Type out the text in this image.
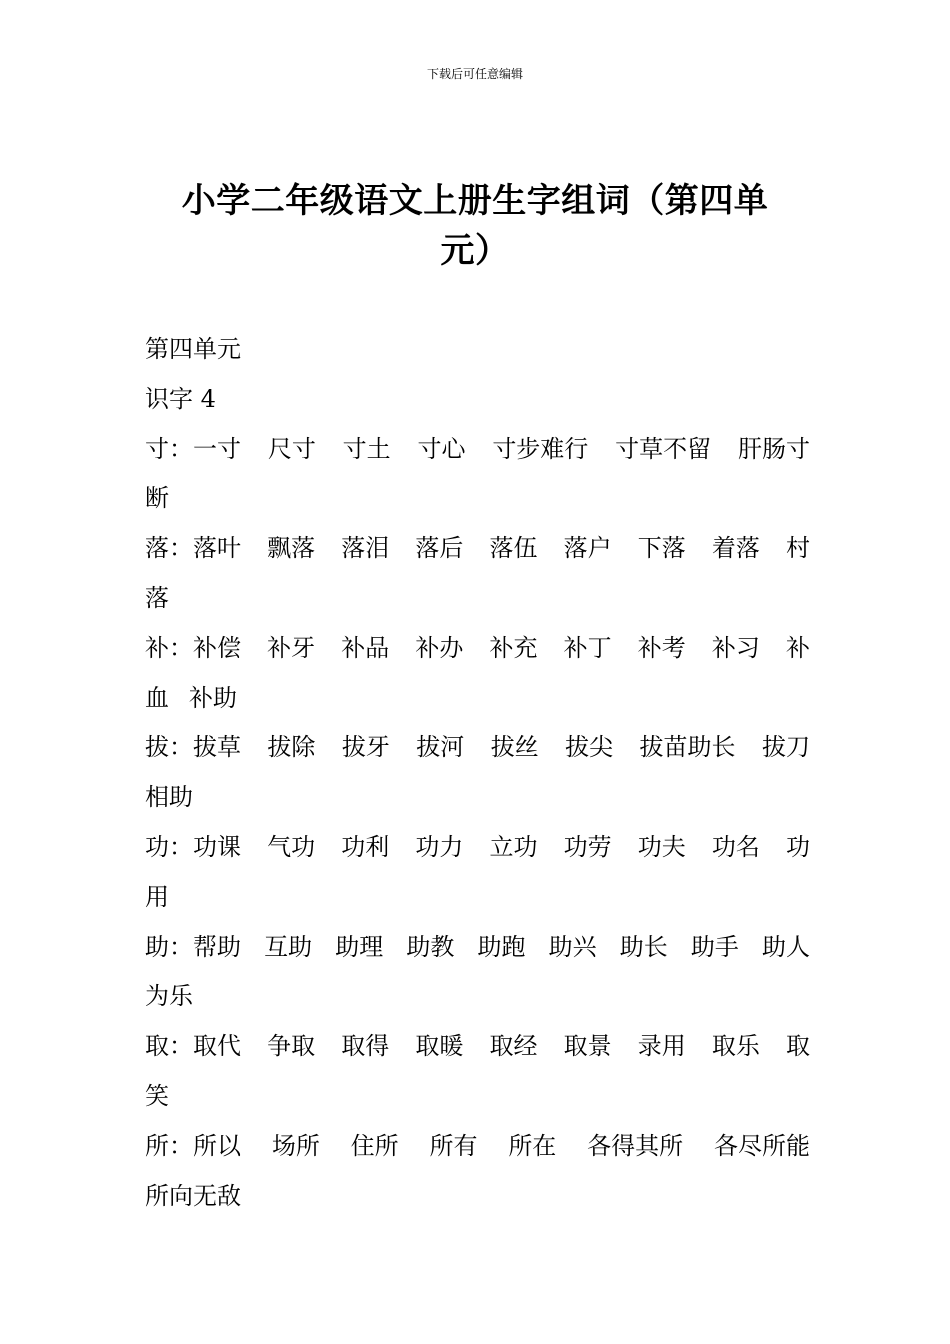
下载后可任意编辑
小学二年级语文上册生字组词（第四单
元）
第四单元
识字 4
寸：一寸 尺寸 寸土 寸心 寸步难行 寸草不留 肝肠寸
断
落：落叶 飘落 落泪 落后 落伍 落户 下落 着落 村
落
补：补偿 补牙 补品 补办 补充 补丁 补考 补习 补
血 补助
拔：拔草 拔除 拔牙 拔河 拔丝 拔尖 拔苗助长 拔刀
相助
功：功课 气功 功利 功力 立功 功劳 功夫 功名 功
用
助：帮助 互助 助理 助教 助跑 助兴 助长 助手 助人
为乐
取：取代 争取 取得 取暖 取经 取景 录用 取乐 取
笑
所：所以 场所 住所 所有 所在 各得其所 各尽所能
所向无敌
